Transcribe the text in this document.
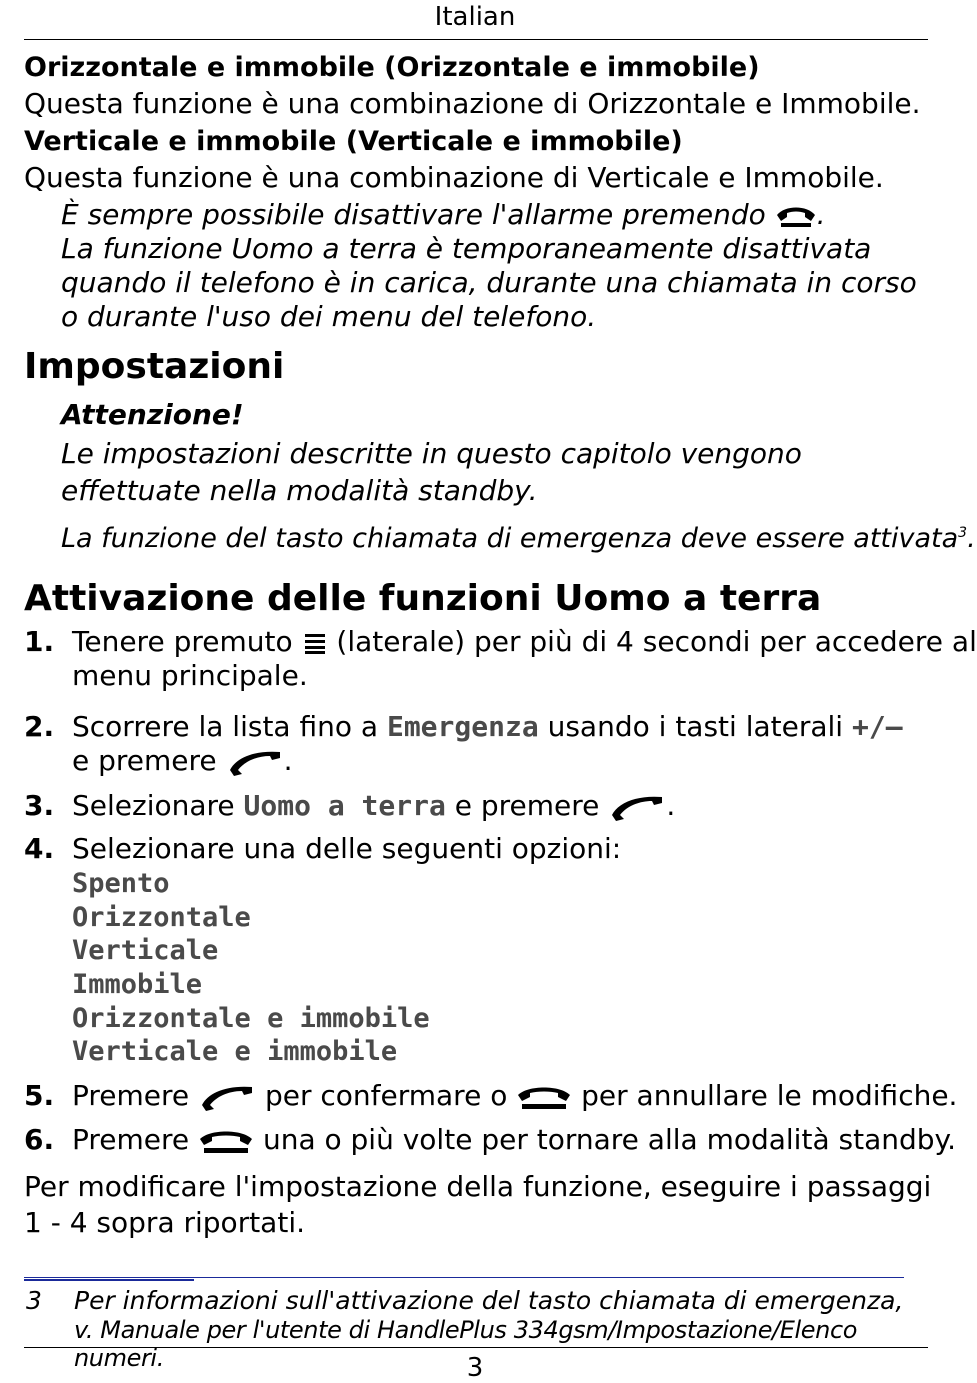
Italian
Orizzontale e immobile (Orizzontale e immobile)
Questa funzione è una combinazione di Orizzontale e Immobile.
Verticale e immobile (Verticale e immobile)
Questa funzione è una combinazione di Verticale e Immobile.
È sempre possibile disattivare l'allarme premendo .
La funzione Uomo a terra è temporaneamente disattivata
quando il telefono è in carica, durante una chiamata in corso
o durante l'uso dei menu del telefono.
Impostazioni
Attenzione!
Le impostazioni descritte in questo capitolo vengono
effettuate nella modalità standby.
La funzione del tasto chiamata di emergenza deve essere attivata$^3$.
Attivazione delle funzioni Uomo a terra
1. Tenere premuto (laterale) per più di 4 secondi per accedere al
menu principale.
2. Scorrere la lista fino a Emergenza usando i tasti laterali +/–
e premere .
3. Selezionare Uomo a terra e premere .
4. Selezionare una delle seguenti opzioni:
Spento
Orizzontale
Verticale
Immobile
Orizzontale e immobile
Verticale e immobile
5. Premere	per confermare o	per annullare le modifiche.
6. Premere	una o più volte per tornare alla modalità standby.
Per modificare l'impostazione della funzione, eseguire i passaggi
1 - 4 sopra riportati.
3 Per informazioni sull'attivazione del tasto chiamata di emergenza,
v. Manuale per l'utente di HandlePlus 334gsm/Impostazione/Elenco numeri.	3
